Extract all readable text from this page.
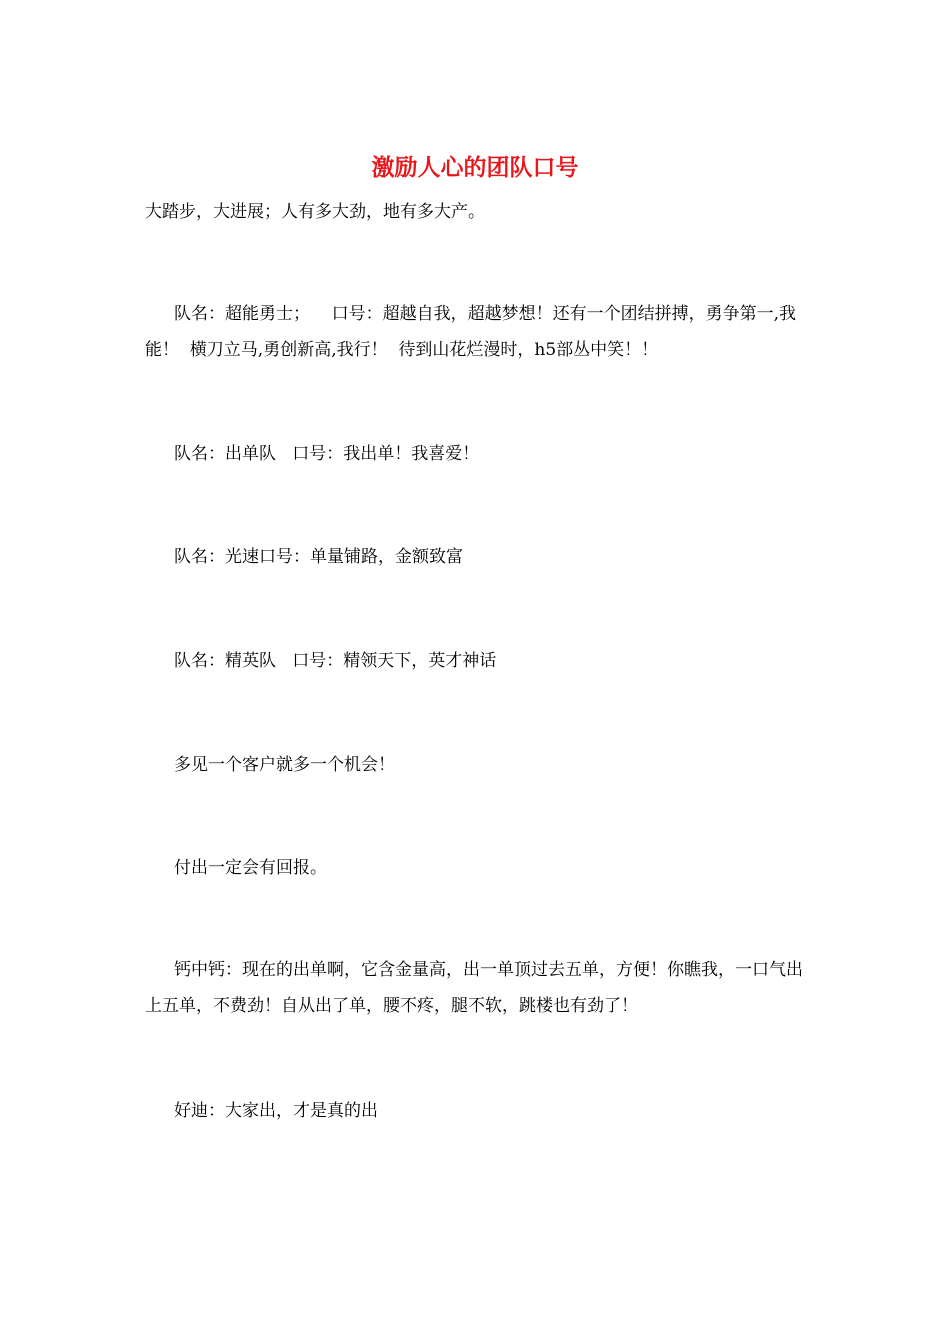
激励人心的团队口号
大踏步，大进展；人有多大劲，地有多大产。
队名：超能勇士；    口号：超越自我，超越梦想！还有一个团结拼搏，勇争第一,我能！  横刀立马,勇创新高,我行！  待到山花烂漫时，h5部丛中笑！！
队名：出单队   口号：我出单！我喜爱！
队名：光速口号：单量铺路，金额致富
队名：精英队   口号：精领天下，英才神话
多见一个客户就多一个机会！
付出一定会有回报。
钙中钙：现在的出单啊，它含金量高，出一单顶过去五单，方便！你瞧我，一口气出上五单，不费劲！自从出了单，腰不疼，腿不软，跳楼也有劲了！
好迪：大家出，才是真的出
